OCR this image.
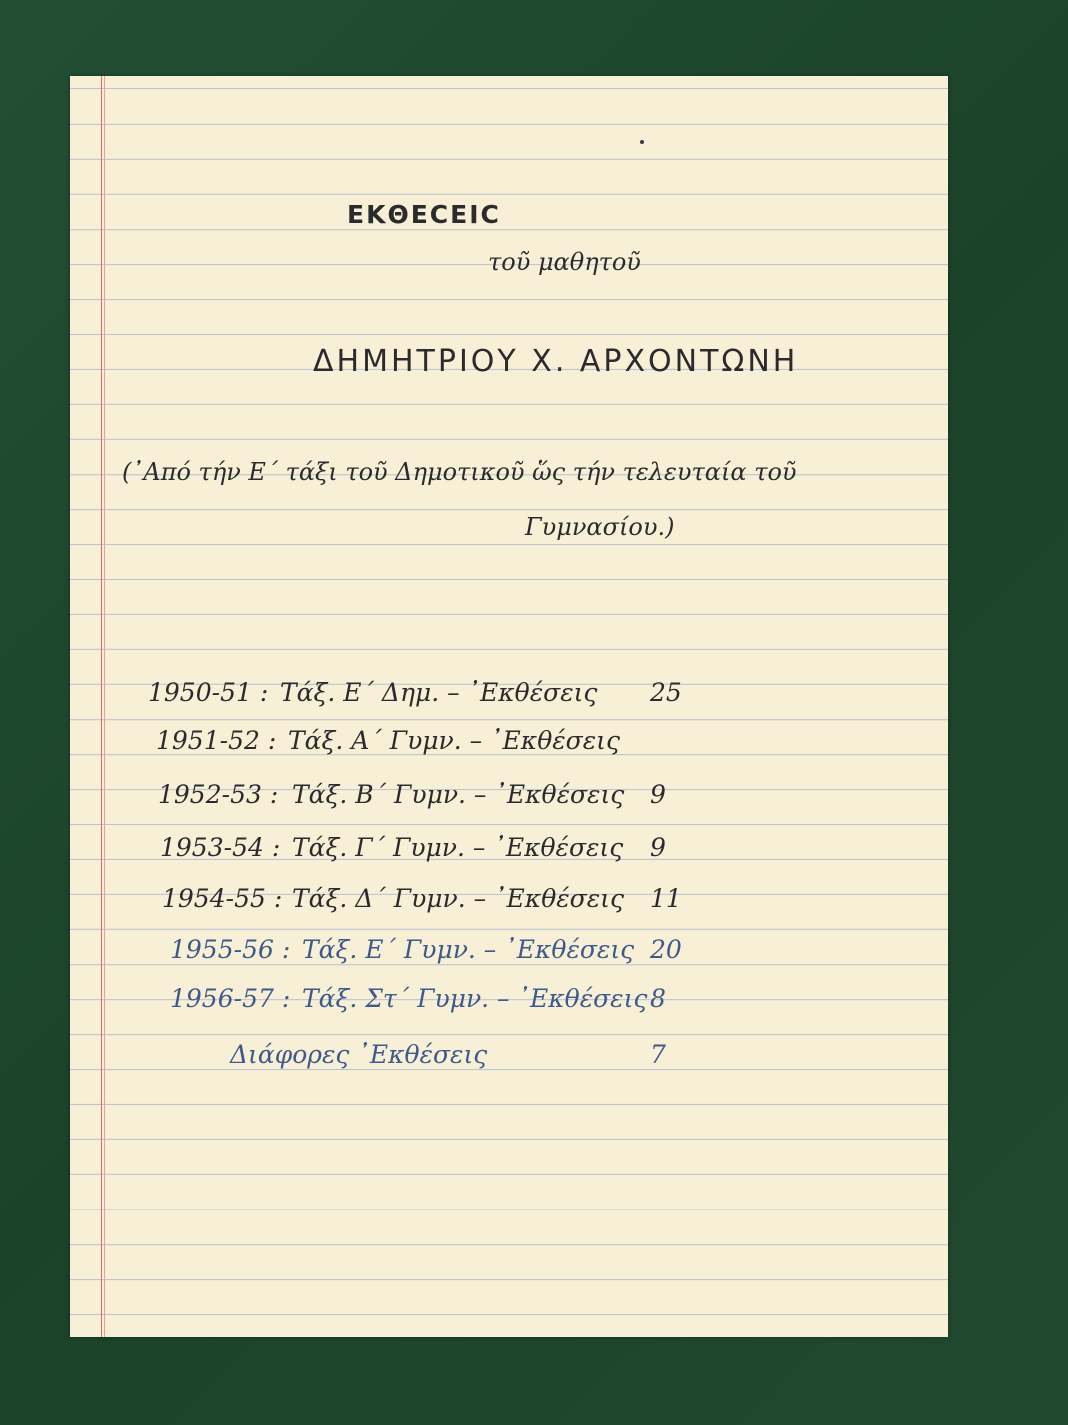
ΕΚΘΕCΕΙC
τοῦ μαθητοῦ
ΔΗΜΗΤΡΙΟΥ Χ. ΑΡΧΟΝΤΩΝΗ
(᾿Από τήν Ε΄ τάξι τοῦ Δημοτικοῦ ὥς τήν τελευταία τοῦ
Γυμνασίου.)
1950-51 : Τάξ. Ε΄ Δημ. – ᾿Εκθέσεις 25
1951-52 : Τάξ. Α΄ Γυμν. – ᾿Εκθέσεις
1952-53 : Τάξ. Β΄ Γυμν. – ᾿Εκθέσεις 9
1953-54 : Τάξ. Γ΄ Γυμν. – ᾿Εκθέσεις 9
1954-55 : Τάξ. Δ΄ Γυμν. – ᾿Εκθέσεις 11
1955-56 : Τάξ. Ε΄ Γυμν. – ᾿Εκθέσεις 20
1956-57 : Τάξ. Στ΄ Γυμν. – ᾿Εκθέσεις 8
Διάφορες ᾿Εκθέσεις	7
